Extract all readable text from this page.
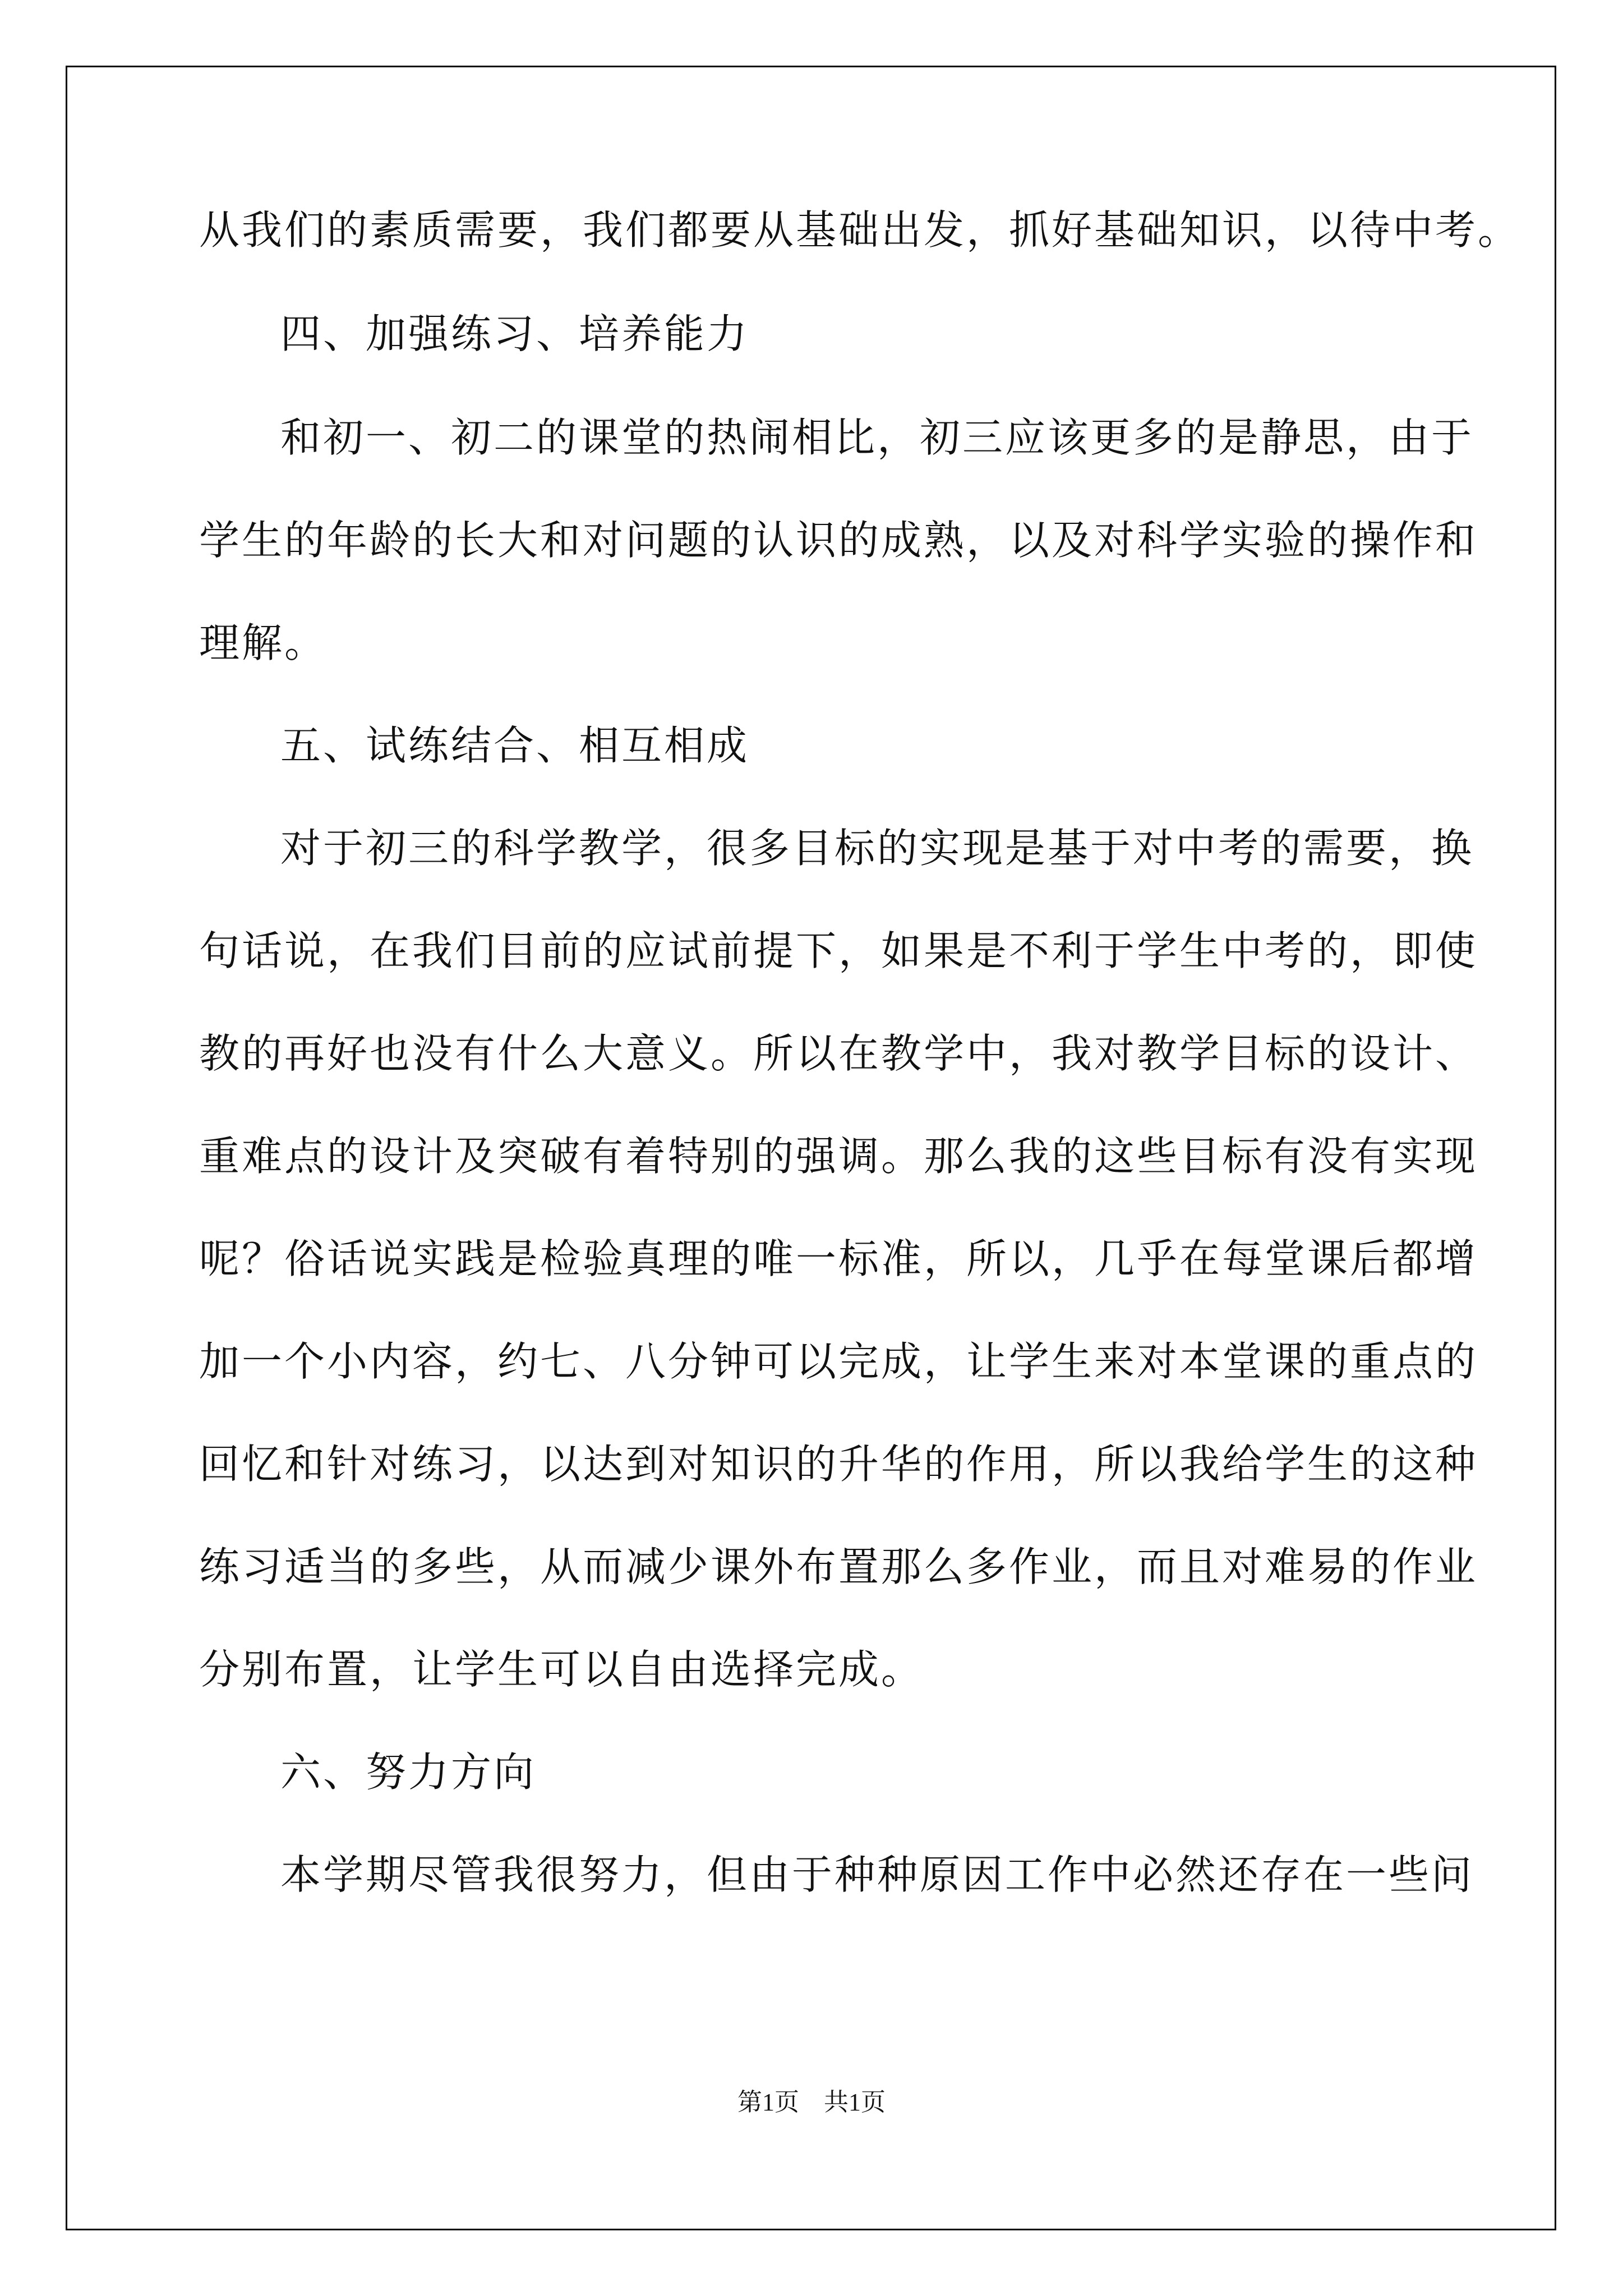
从我们的素质需要，我们都要从基础出发，抓好基础知识，以待中考。
四、加强练习、培养能力
和初一、初二的课堂的热闹相比，初三应该更多的是静思，由于
学生的年龄的长大和对问题的认识的成熟，以及对科学实验的操作和
理解。
五、试练结合、相互相成
对于初三的科学教学，很多目标的实现是基于对中考的需要，换
句话说，在我们目前的应试前提下，如果是不利于学生中考的，即使
教的再好也没有什么大意义。所以在教学中，我对教学目标的设计、
重难点的设计及突破有着特别的强调。那么我的这些目标有没有实现
呢？俗话说实践是检验真理的唯一标准，所以，几乎在每堂课后都增
加一个小内容，约七、八分钟可以完成，让学生来对本堂课的重点的
回忆和针对练习，以达到对知识的升华的作用，所以我给学生的这种
练习适当的多些，从而减少课外布置那么多作业，而且对难易的作业
分别布置，让学生可以自由选择完成。
六、努力方向
本学期尽管我很努力，但由于种种原因工作中必然还存在一些问
第1页　共1页
